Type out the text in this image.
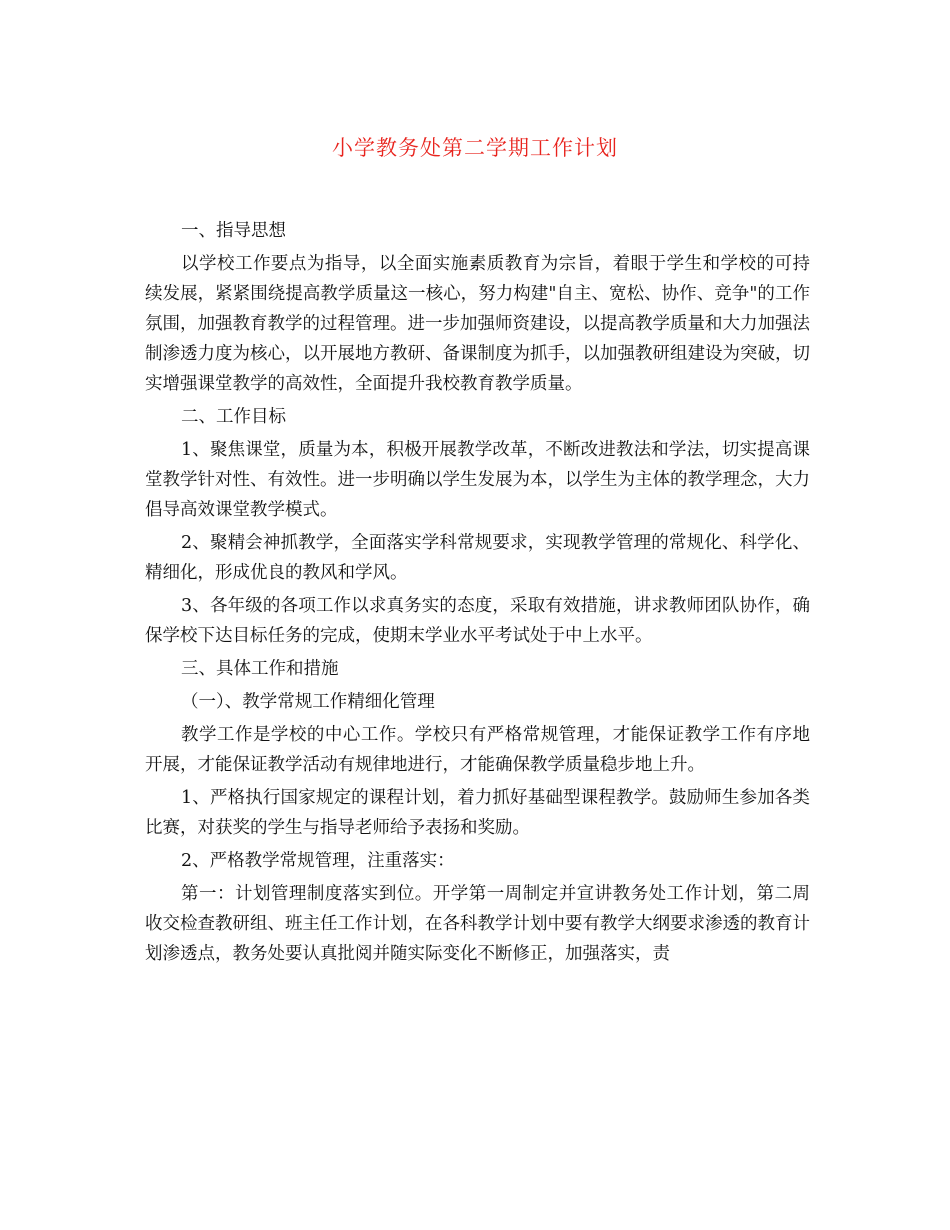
小学教务处第二学期工作计划

一、指导思想

以学校工作要点为指导，以全面实施素质教育为宗旨，着眼于学生和学校的可持续发展，紧紧围绕提高教学质量这一核心，努力构建"自主、宽松、协作、竞争"的工作氛围，加强教育教学的过程管理。进一步加强师资建设，以提高教学质量和大力加强法制渗透力度为核心，以开展地方教研、备课制度为抓手，以加强教研组建设为突破，切实增强课堂教学的高效性，全面提升我校教育教学质量。

二、工作目标

1、聚焦课堂，质量为本，积极开展教学改革，不断改进教法和学法，切实提高课堂教学针对性、有效性。进一步明确以学生发展为本，以学生为主体的教学理念，大力倡导高效课堂教学模式。

2、聚精会神抓教学，全面落实学科常规要求，实现教学管理的常规化、科学化、精细化，形成优良的教风和学风。

3、各年级的各项工作以求真务实的态度，采取有效措施，讲求教师团队协作，确保学校下达目标任务的完成，使期末学业水平考试处于中上水平。

三、具体工作和措施

（一）、教学常规工作精细化管理

教学工作是学校的中心工作。学校只有严格常规管理，才能保证教学工作有序地开展，才能保证教学活动有规律地进行，才能确保教学质量稳步地上升。

1、严格执行国家规定的课程计划，着力抓好基础型课程教学。鼓励师生参加各类比赛，对获奖的学生与指导老师给予表扬和奖励。

2、严格教学常规管理，注重落实：

第一：计划管理制度落实到位。开学第一周制定并宣讲教务处工作计划，第二周收交检查教研组、班主任工作计划，在各科教学计划中要有教学大纲要求渗透的教育计划渗透点，教务处要认真批阅并随实际变化不断修正，加强落实，责
